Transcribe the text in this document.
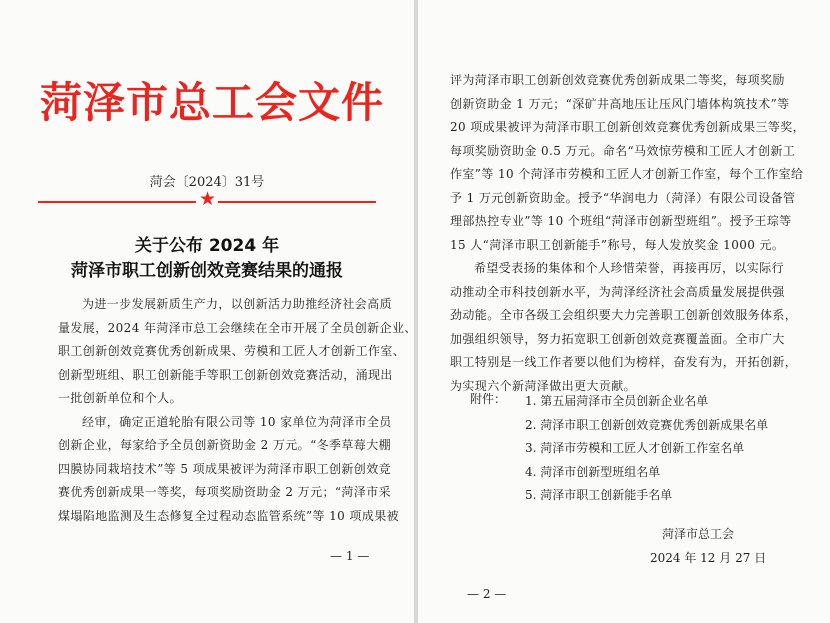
菏泽市总工会文件
菏会〔2024〕31号
★
关于公布 2024 年
菏泽市职工创新创效竞赛结果的通报
为进一步发展新质生产力，以创新活力助推经济社会高质
量发展，2024 年菏泽市总工会继续在全市开展了全员创新企业、
职工创新创效竞赛优秀创新成果、劳模和工匠人才创新工作室、
创新型班组、职工创新能手等职工创新创效竞赛活动，涌现出
一批创新单位和个人。
经审，确定正道轮胎有限公司等 10 家单位为菏泽市全员
创新企业，每家给予全员创新资助金 2 万元。“冬季草莓大棚
四膜协同栽培技术”等 5 项成果被评为菏泽市职工创新创效竞
赛优秀创新成果一等奖，每项奖励资助金 2 万元；“菏泽市采
煤塌陷地监测及生态修复全过程动态监管系统”等 10 项成果被
— 1 —
评为菏泽市职工创新创效竞赛优秀创新成果二等奖，每项奖励
创新资助金 1 万元；“深矿井高地压让压风门墙体构筑技术”等
20 项成果被评为菏泽市职工创新创效竞赛优秀创新成果三等奖，
每项奖励资助金 0.5 万元。命名“马效惊劳模和工匠人才创新工
作室”等 10 个菏泽市劳模和工匠人才创新工作室，每个工作室给
予 1 万元创新资助金。授予“华润电力（菏泽）有限公司设备管
理部热控专业”等 10 个班组“菏泽市创新型班组”。授予王琮等
15 人“菏泽市职工创新能手”称号，每人发放奖金 1000 元。
希望受表扬的集体和个人珍惜荣誉，再接再厉，以实际行
动推动全市科技创新水平，为菏泽经济社会高质量发展提供强
劲动能。全市各级工会组织要大力完善职工创新创效服务体系，
加强组织领导，努力拓宽职工创新创效竞赛覆盖面。全市广大
职工特别是一线工作者要以他们为榜样，奋发有为，开拓创新，
为实现六个新菏泽做出更大贡献。
附件： 1. 第五届菏泽市全员创新企业名单
2. 菏泽市职工创新创效竞赛优秀创新成果名单
3. 菏泽市劳模和工匠人才创新工作室名单
4. 菏泽市创新型班组名单
5. 菏泽市职工创新能手名单
菏泽市总工会
2024 年 12 月 27 日
— 2 —
